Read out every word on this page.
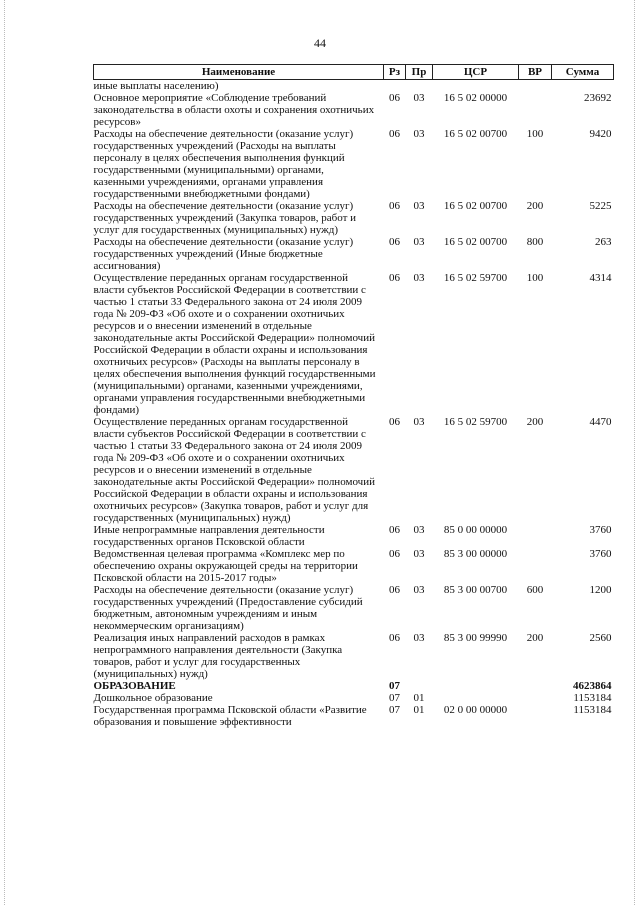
44
Наименование	Рз	Пр	ЦСР	ВР	Сумма
иные выплаты населению)					
Основное мероприятие «Соблюдение требований законодательства в области охоты и сохранения охотничьих ресурсов»	06	03	16 5 02 00000		23692
Расходы на обеспечение деятельности (оказание услуг) государственных учреждений (Расходы на выплаты персоналу в целях обеспечения выполнения функций государственными (муниципальными) органами, казенными учреждениями, органами управления государственными внебюджетными фондами)	06	03	16 5 02 00700	100	9420
Расходы на обеспечение деятельности (оказание услуг) государственных учреждений (Закупка товаров, работ и услуг для государственных (муниципальных) нужд)	06	03	16 5 02 00700	200	5225
Расходы на обеспечение деятельности (оказание услуг) государственных учреждений (Иные бюджетные ассигнования)	06	03	16 5 02 00700	800	263
Осуществление переданных органам государственной власти субъектов Российской Федерации в соответствии с частью 1 статьи 33 Федерального закона от 24 июля 2009 года № 209-ФЗ «Об охоте и о сохранении охотничьих ресурсов и о внесении изменений в отдельные законодательные акты Российской Федерации» полномочий Российской Федерации в области охраны и использования охотничьих ресурсов» (Расходы на выплаты персоналу в целях обеспечения выполнения функций государственными (муниципальными) органами, казенными учреждениями, органами управления государственными внебюджетными фондами)	06	03	16 5 02 59700	100	4314
Осуществление переданных органам государственной власти субъектов Российской Федерации в соответствии с частью 1 статьи 33 Федерального закона от 24 июля 2009 года № 209-ФЗ «Об охоте и о сохранении охотничьих ресурсов и о внесении изменений в отдельные законодательные акты Российской Федерации» полномочий Российской Федерации в области охраны и использования охотничьих ресурсов» (Закупка товаров, работ и услуг для государственных (муниципальных) нужд)	06	03	16 5 02 59700	200	4470
Иные непрограммные направления деятельности государственных органов Псковской области	06	03	85 0 00 00000		3760
Ведомственная целевая программа «Комплекс мер по обеспечению охраны окружающей среды на территории Псковской области на 2015-2017 годы»	06	03	85 3 00 00000		3760
Расходы на обеспечение деятельности (оказание услуг) государственных учреждений (Предоставление субсидий бюджетным, автономным учреждениям и иным некоммерческим организациям)	06	03	85 3 00 00700	600	1200
Реализация иных направлений расходов в рамках непрограммного направления деятельности (Закупка товаров, работ и услуг для государственных (муниципальных) нужд)	06	03	85 3 00 99990	200	2560
ОБРАЗОВАНИЕ	07				4623864
Дошкольное образование	07	01			1153184
Государственная программа Псковской области «Развитие образования и повышение эффективности	07	01	02 0 00 00000		1153184
